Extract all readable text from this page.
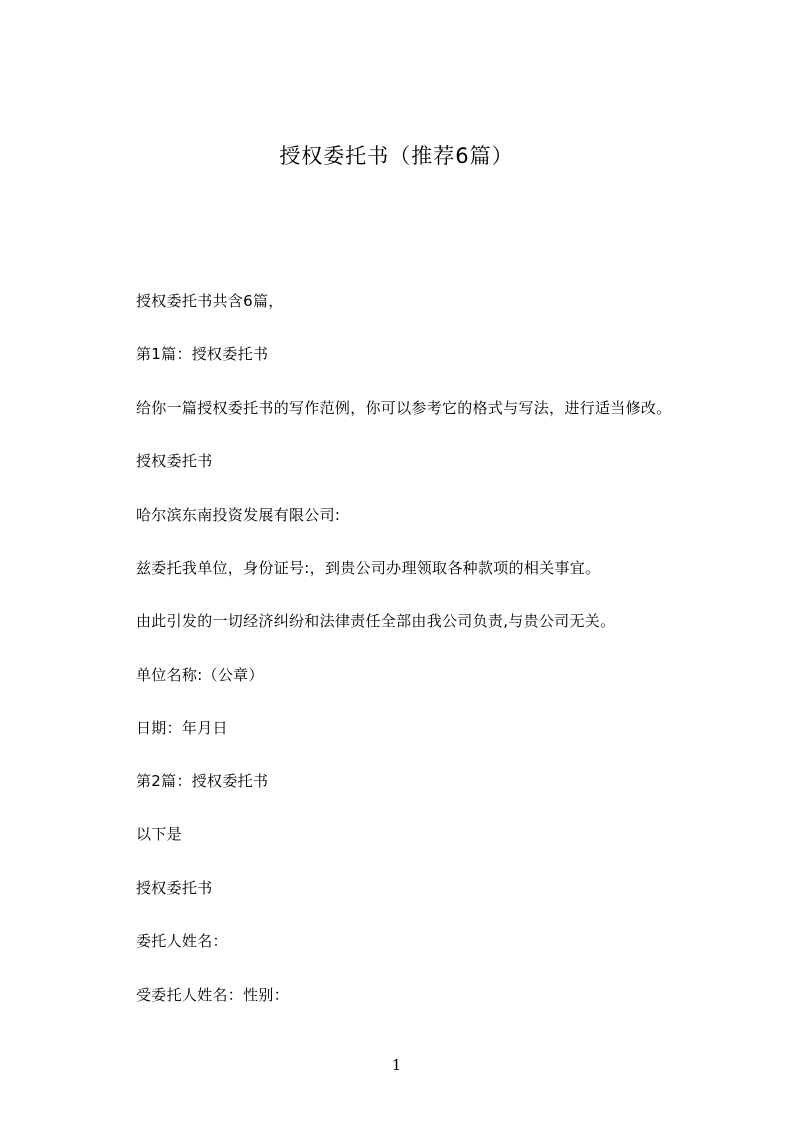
授权委托书（推荐6篇）
授权委托书共含6篇，
第1篇：授权委托书
给你一篇授权委托书的写作范例，你可以参考它的格式与写法，进行适当修改。
授权委托书
哈尔滨东南投资发展有限公司:
兹委托我单位，身份证号:，到贵公司办理领取各种款项的相关事宜。
由此引发的一切经济纠纷和法律责任全部由我公司负责,与贵公司无关。
单位名称:（公章）
日期：年月日
第2篇：授权委托书
以下是
授权委托书
委托人姓名：
受委托人姓名：性别：
1
